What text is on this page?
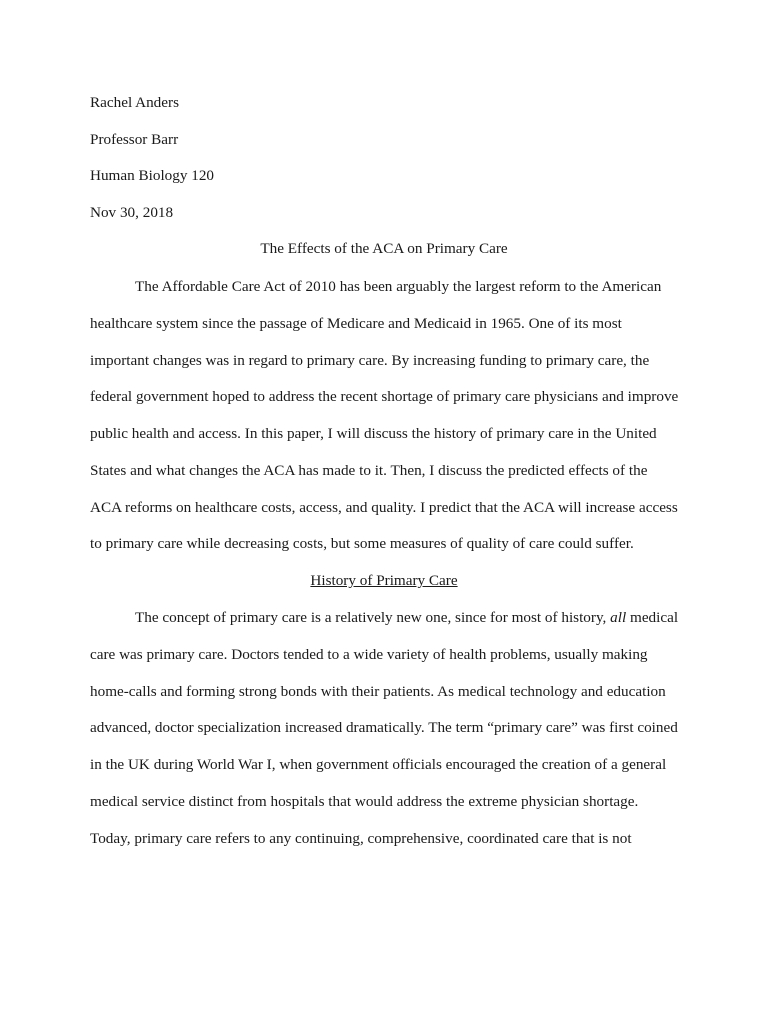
Rachel Anders
Professor Barr
Human Biology 120
Nov 30, 2018
The Effects of the ACA on Primary Care
The Affordable Care Act of 2010 has been arguably the largest reform to the American
healthcare system since the passage of Medicare and Medicaid in 1965. One of its most
important changes was in regard to primary care. By increasing funding to primary care, the
federal government hoped to address the recent shortage of primary care physicians and improve
public health and access. In this paper, I will discuss the history of primary care in the United
States and what changes the ACA has made to it. Then, I discuss the predicted effects of the
ACA reforms on healthcare costs, access, and quality. I predict that the ACA will increase access
to primary care while decreasing costs, but some measures of quality of care could suffer.
History of Primary Care
The concept of primary care is a relatively new one, since for most of history, all medical
care was primary care. Doctors tended to a wide variety of health problems, usually making
home-calls and forming strong bonds with their patients. As medical technology and education
advanced, doctor specialization increased dramatically. The term “primary care” was first coined
in the UK during World War I, when government officials encouraged the creation of a general
medical service distinct from hospitals that would address the extreme physician shortage.
Today, primary care refers to any continuing, comprehensive, coordinated care that is not
